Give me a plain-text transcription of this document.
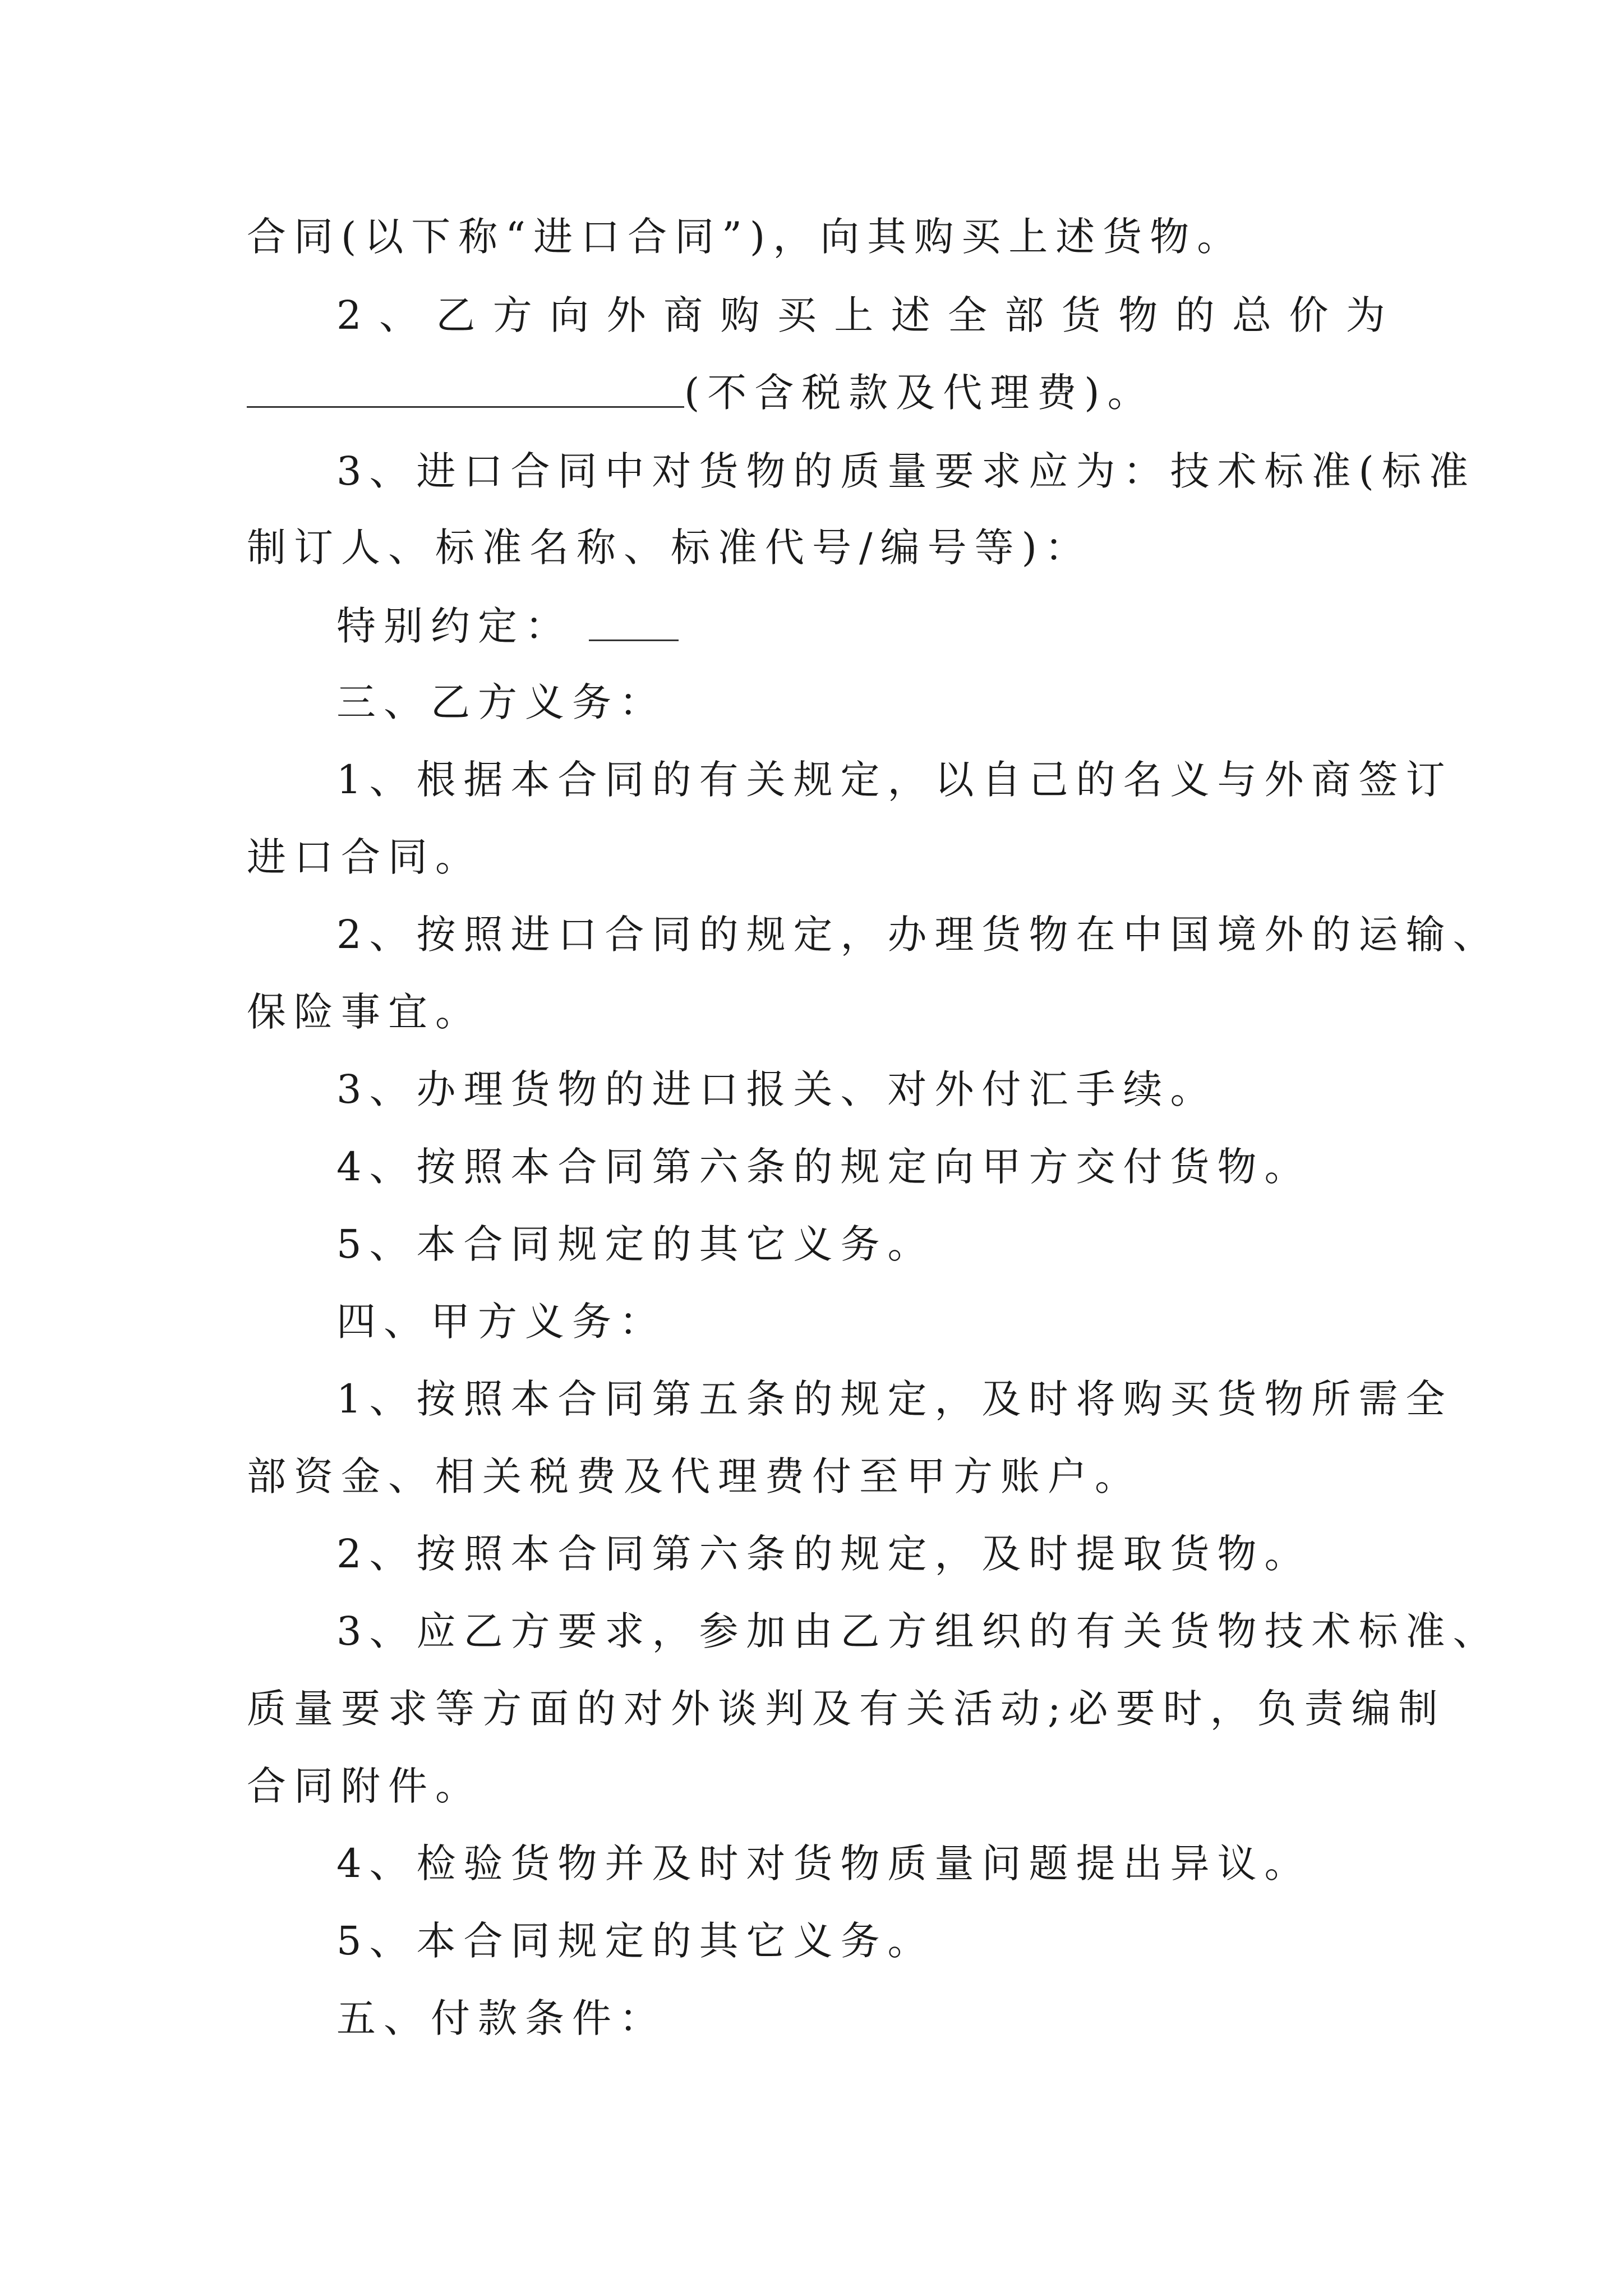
合同(以下称“进口合同”)，向其购买上述货物。
2 、 乙 方 向 外 商 购 买 上 述 全 部 货 物 的 总 价 为
(不含税款及代理费)。
3、进口合同中对货物的质量要求应为：技术标准(标准
制订人、标准名称、标准代号/编号等)：
特别约定：
三、乙方义务：
1、根据本合同的有关规定，以自己的名义与外商签订
进口合同。
2、按照进口合同的规定，办理货物在中国境外的运输、
保险事宜。
3、办理货物的进口报关、对外付汇手续。
4、按照本合同第六条的规定向甲方交付货物。
5、本合同规定的其它义务。
四、甲方义务：
1、按照本合同第五条的规定，及时将购买货物所需全
部资金、相关税费及代理费付至甲方账户。
2、按照本合同第六条的规定，及时提取货物。
3、应乙方要求，参加由乙方组织的有关货物技术标准、
质量要求等方面的对外谈判及有关活动;必要时，负责编制
合同附件。
4、检验货物并及时对货物质量问题提出异议。
5、本合同规定的其它义务。
五、付款条件：
